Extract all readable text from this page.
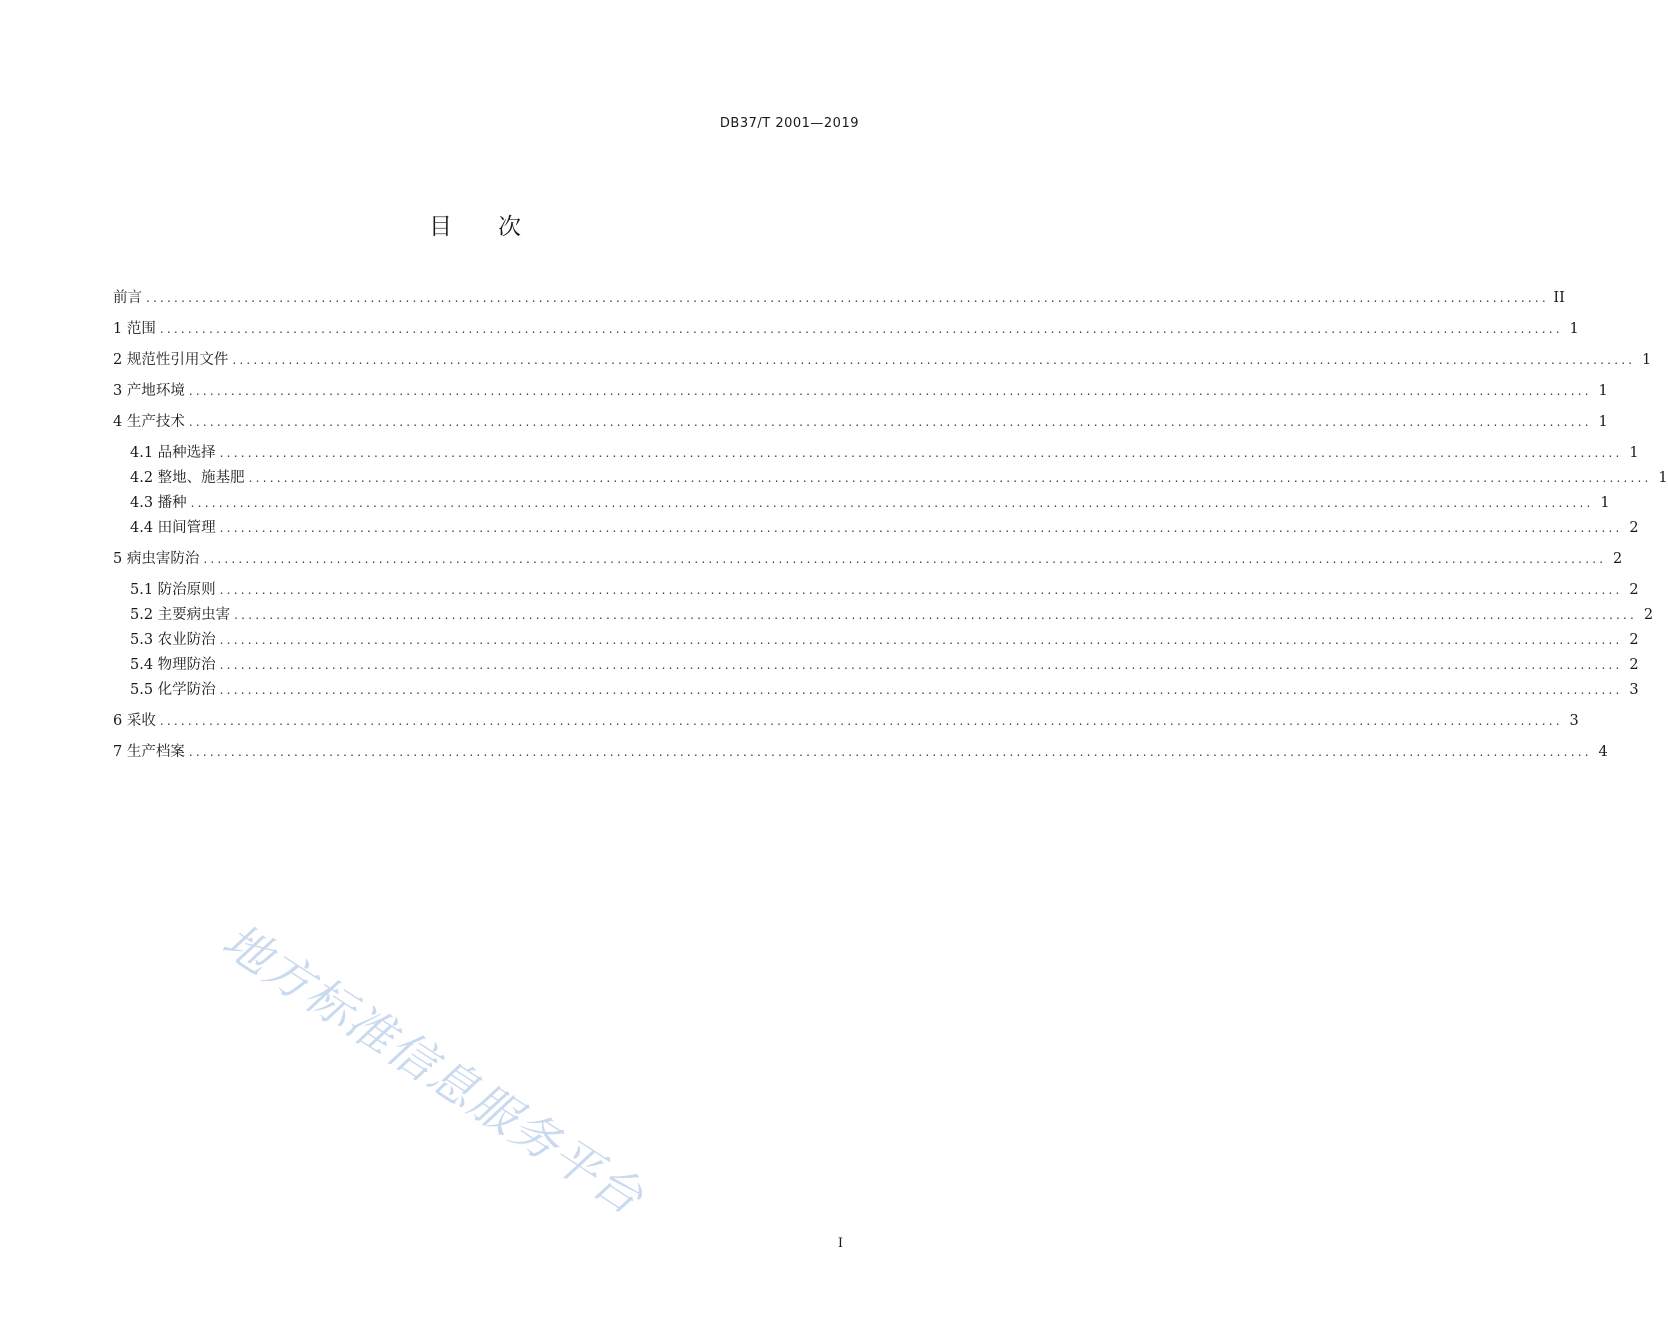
DB37/T 2001—2019
目 次
前言 ........................................................................................................................................................................................................ II
1 范围 ........................................................................................................................................................................................................ 1
2 规范性引用文件 ........................................................................................................................................................................................................ 1
3 产地环境 ........................................................................................................................................................................................................ 1
4 生产技术 ........................................................................................................................................................................................................ 1
4.1 品种选择 ........................................................................................................................................................................................................ 1
4.2 整地、施基肥 ........................................................................................................................................................................................................ 1
4.3 播种 ........................................................................................................................................................................................................ 1
4.4 田间管理 ........................................................................................................................................................................................................ 2
5 病虫害防治 ........................................................................................................................................................................................................ 2
5.1 防治原则 ........................................................................................................................................................................................................ 2
5.2 主要病虫害 ........................................................................................................................................................................................................ 2
5.3 农业防治 ........................................................................................................................................................................................................ 2
5.4 物理防治 ........................................................................................................................................................................................................ 2
5.5 化学防治 ........................................................................................................................................................................................................ 3
6 采收 ........................................................................................................................................................................................................ 3
7 生产档案 ........................................................................................................................................................................................................ 4
地方标准信息服务平台
I
